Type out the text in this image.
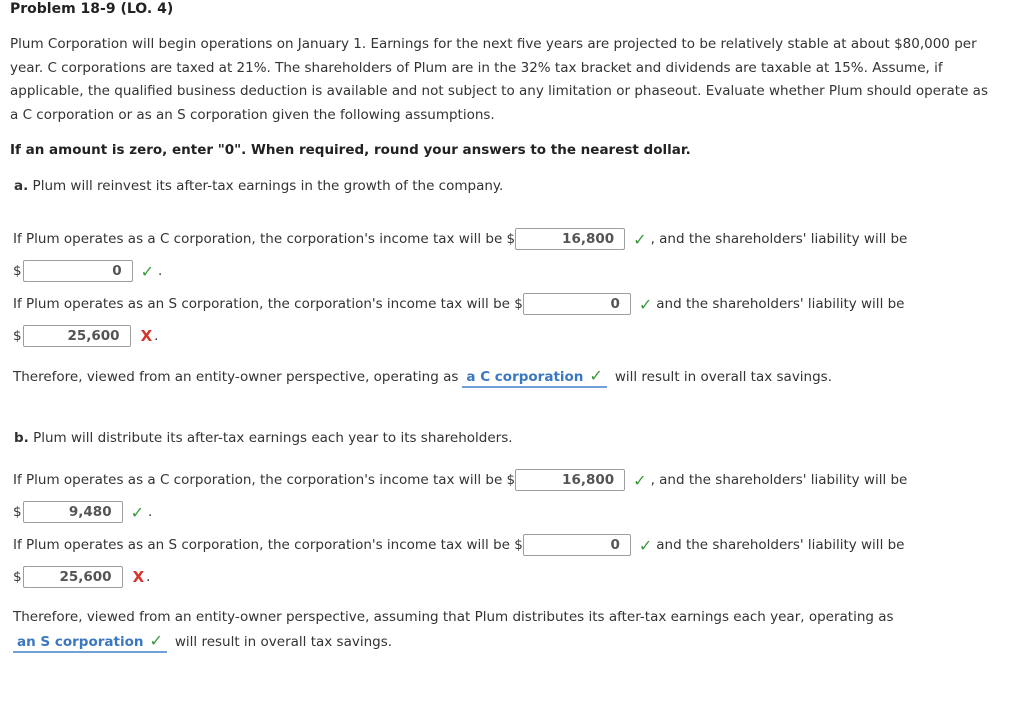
Problem 18-9 (LO. 4)
Plum Corporation will begin operations on January 1. Earnings for the next five years are projected to be relatively stable at about $80,000 per year. C corporations are taxed at 21%. The shareholders of Plum are in the 32% tax bracket and dividends are taxable at 15%. Assume, if applicable, the qualified business deduction is available and not subject to any limitation or phaseout. Evaluate whether Plum should operate as a C corporation or as an S corporation given the following assumptions.
If an amount is zero, enter "0". When required, round your answers to the nearest dollar.
a. Plum will reinvest its after-tax earnings in the growth of the company.
If Plum operates as a C corporation, the corporation's income tax will be $	16,800	✓ , and the shareholders' liability will be
$	0	✓ .
If Plum operates as an S corporation, the corporation's income tax will be $	0	✓ and the shareholders' liability will be
$	25,600	X .
Therefore, viewed from an entity-owner perspective, operating as a C corporation ✓ will result in overall tax savings.
b. Plum will distribute its after-tax earnings each year to its shareholders.
If Plum operates as a C corporation, the corporation's income tax will be $	16,800	✓ , and the shareholders' liability will be
$	9,480	✓ .
If Plum operates as an S corporation, the corporation's income tax will be $	0	✓ and the shareholders' liability will be
$	25,600	X .
Therefore, viewed from an entity-owner perspective, assuming that Plum distributes its after-tax earnings each year, operating as
an S corporation ✓ will result in overall tax savings.
